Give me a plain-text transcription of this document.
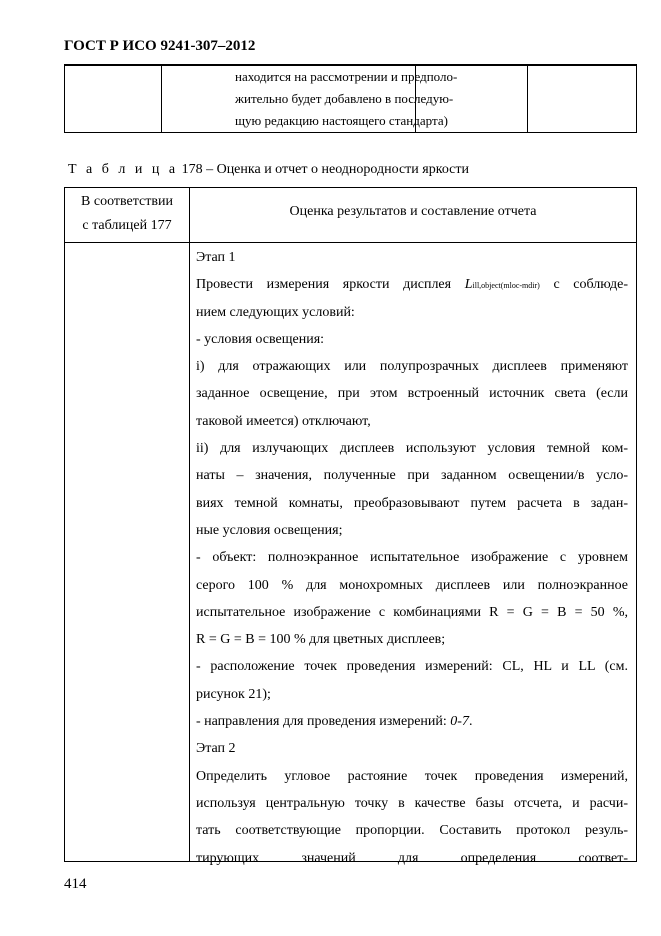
ГОСТ Р ИСО 9241-307–2012
находится на рассмотрении и предполо-
жительно будет добавлено в последую-
щую редакцию настоящего стандарта)
Т а б л и ц а 178 – Оценка и отчет о неоднородности яркости
В соответствии
с таблицей 177
Оценка результатов и составление отчета
Этап 1
Провести измерения яркости дисплея Lill,object(mloc-mdir) с соблюде-
нием следующих условий:
- условия освещения:
i) для отражающих или полупрозрачных дисплеев применяют
заданное освещение, при этом встроенный источник света (если
таковой имеется) отключают,
ii) для излучающих дисплеев используют условия темной ком-
наты – значения, полученные при заданном освещении/в усло-
виях темной комнаты, преобразовывают путем расчета в задан-
ные условия освещения;
- объект: полноэкранное испытательное изображение с уровнем
серого 100 % для монохромных дисплеев или полноэкранное
испытательное изображение с комбинациями R = G = B = 50 %,
R = G = B = 100 % для цветных дисплеев;
- расположение точек проведения измерений: CL, HL и LL (см.
рисунок 21);
- направления для проведения измерений: 0-7.
Этап 2
Определить угловое растояние точек проведения измерений,
используя центральную точку в качестве базы отсчета, и расчи-
тать соответствующие пропорции. Составить протокол резуль-
тирующих значений для определения соответ-
414
